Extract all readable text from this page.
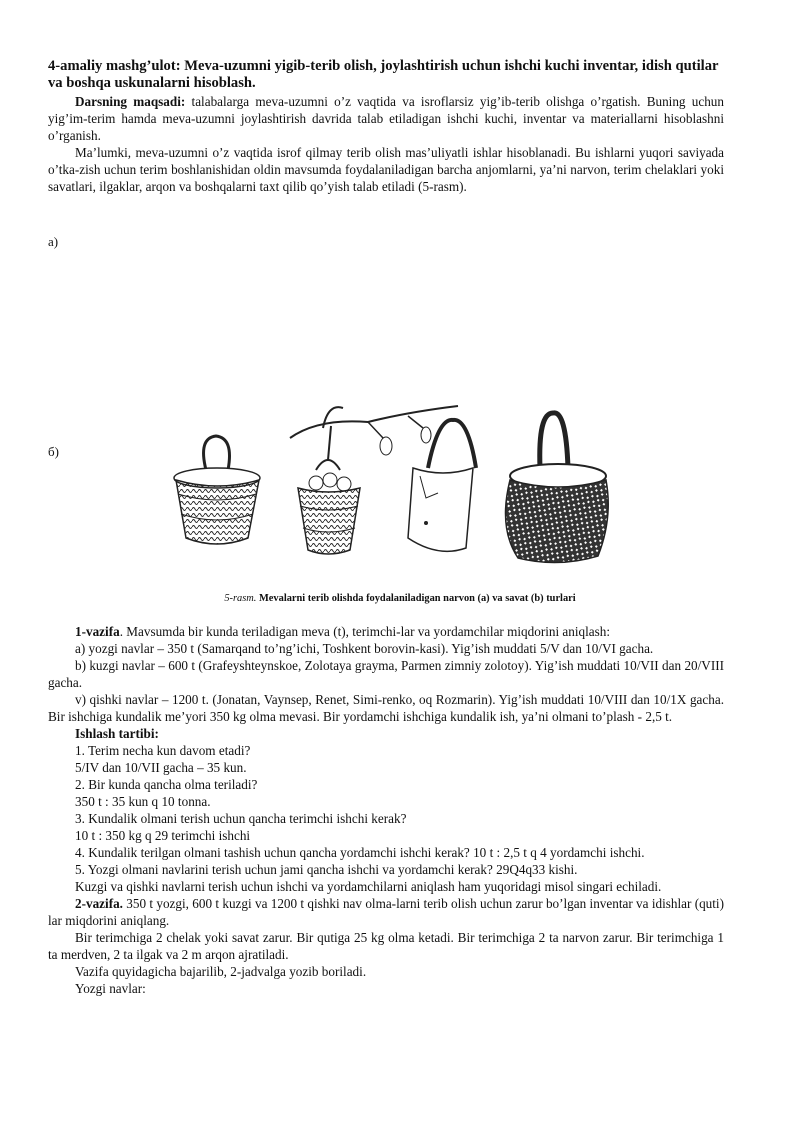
4-amaliy mashg’ulot: Meva-uzumni yigib-terib olish, joylashtirish uchun ishchi kuchi inventar, idish qutilar va boshqa uskunalarni hisoblash.

Darsning maqsadi: talabalarga meva-uzumni o’z vaqtida va isroflarsiz yig’ib-terib olishga o’rgatish. Buning uchun yig’im-terim hamda meva-uzumni joylashtirish davrida talab etiladigan ishchi kuchi, inventar va materiallarni hisoblashni o’rganish.

Ma’lumki, meva-uzumni o’z vaqtida isrof qilmay terib olish mas’uliyatli ishlar hisoblanadi. Bu ishlarni yuqori saviyada o’tka-zish uchun terim boshlanishidan oldin mavsumda foydalaniladigan barcha anjomlarni, ya’ni narvon, terim chelaklari yoki savatlari, ilgaklar, arqon va boshqalarni taxt qilib qo’yish talab etiladi (5-rasm).

а)
б)
5-rasm. Mevalarni terib olishda foydalaniladigan narvon (a) va savat (b) turlari

1-vazifa. Mavsumda bir kunda teriladigan meva (t), terimchi-lar va yordamchilar miqdorini aniqlash:

a) yozgi navlar – 350 t (Samarqand to’ng’ichi, Toshkent borovin-kasi). Yig’ish muddati 5/V dan 10/VI gacha.

b) kuzgi navlar – 600 t (Grafeyshteynskoe, Zolotaya grayma, Parmen zimniy zolotoy). Yig’ish muddati 10/VII dan 20/VIII gacha.

v) qishki navlar – 1200 t. (Jonatan, Vaynsep, Renet, Simi-renko, oq Rozmarin). Yig’ish muddati 10/VIII dan 10/1X gacha. Bir ishchiga kundalik me’yori 350 kg olma mevasi. Bir yordamchi ishchiga kundalik ish, ya’ni olmani to’plash - 2,5 t.

Ishlash tartibi:

1. Terim necha kun davom etadi?

5/IV dan 10/VII gacha – 35 kun.

2. Bir kunda qancha olma teriladi?

350 t : 35 kun q 10 tonna.

3. Kundalik olmani terish uchun qancha terimchi ishchi kerak?

10 t : 350 kg q 29 terimchi ishchi

4. Kundalik terilgan olmani tashish uchun qancha yordamchi ishchi kerak? 10 t : 2,5 t q 4 yordamchi ishchi.

5. Yozgi olmani navlarini terish uchun jami qancha ishchi va yordamchi kerak? 29Q4q33 kishi.

Kuzgi va qishki navlarni terish uchun ishchi va yordamchilarni aniqlash ham yuqoridagi misol singari echiladi.

2-vazifa. 350 t yozgi, 600 t kuzgi va 1200 t qishki nav olma-larni terib olish uchun zarur bo’lgan inventar va idishlar (quti) lar miqdorini aniqlang.

Bir terimchiga 2 chelak yoki savat zarur. Bir qutiga 25 kg olma ketadi. Bir terimchiga 2 ta narvon zarur. Bir terimchiga 1 ta merdven, 2 ta ilgak va 2 m arqon ajratiladi.

Vazifa quyidagicha bajarilib, 2-jadvalga yozib boriladi.

Yozgi navlar:
